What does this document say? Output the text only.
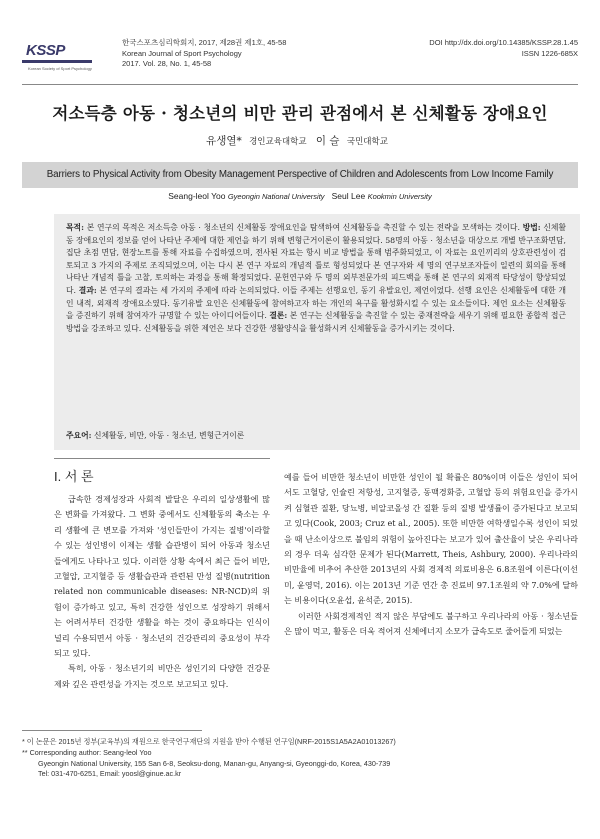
KSSP
Korean Society of Sport Psychology
한국스포츠심리학회지, 2017, 제28권 제1호, 45-58
Korean Journal of Sport Psychology
2017. Vol. 28, No. 1, 45-58
DOI http://dx.doi.org/10.14385/KSSP.28.1.45
ISSN 1226-685X
저소득층 아동 · 청소년의 비만 관리 관점에서 본 신체활동 장애요인
유생열* 경인교육대학교 이 슬 국민대학교
Barriers to Physical Activity from Obesity Management Perspective of Children and Adolescents from Low Income Family
Seang-leol Yoo Gyeongin National University Seul Lee Kookmin University
목적: 본 연구의 목적은 저소득층 아동 · 청소년의 신체활동 장애요인을 탐색하여 신체활동을 촉진할 수 있는 전략을 모색하는 것이다. 방법: 신체활동 장애요인의 정보를 얻어 나타난 주제에 대한 제언을 하기 위해 변형근거이론이 활용되었다. 58명의 아동 · 청소년을 대상으로 개별 반구조화면담, 집단 초점 면담, 현장노트를 통해 자료를 수집하였으며, 전사된 자료는 항시 비교 방법을 통해 범주화되었고, 이 자료는 요인끼리의 상호관련성이 검토되고 3 가지의 주제로 조직되었으며, 이는 다시 본 연구 자료의 개념적 틀로 형성되었다 본 연구자와 세 명의 연구보조자들이 일련의 회의를 통해 나타난 개념적 틀을 고찰, 토의하는 과정을 통해 확정되었다. 문헌연구와 두 명의 외부전문가의 피드백을 통해 본 연구의 외재적 타당성이 향상되었다. 결과: 본 연구의 결과는 세 가지의 주제에 따라 논의되었다. 이들 주제는 선행요인, 동기 유발요인, 제언이었다. 선행 요인은 신체활동에 대한 개인 내적, 외재적 장애요소였다. 동기유발 요인은 신체활동에 참여하고자 하는 개인의 욕구를 활성화시킬 수 있는 요소들이다. 제언 요소는 신체활동을 증진하기 위해 참여자가 규명할 수 있는 아이디어들이다. 결론: 본 연구는 신체활동을 촉진할 수 있는 중재전략을 세우기 위해 필요한 종합적 접근방법을 강조하고 있다. 신체활동을 위한 제언은 보다 건강한 생활양식을 활성화시켜 신체활동을 증가시키는 것이다.
주요어: 신체활동, 비만, 아동 · 청소년, 변형근거이론
I. 서 론

급속한 경제성장과 사회적 발달은 우리의 일상생활에 많은 변화를 가져왔다. 그 변화 중에서도 신체활동의 축소는 우리 생활에 큰 변모를 가져와 '성인들만이 가지는 질병'이라할 수 있는 성인병이 이제는 생활 습관병이 되어 아동과 청소년들에게도 나타나고 있다. 이러한 상황 속에서 최근 들어 비만, 고혈압, 고지혈증 등 생활습관과 관련된 만성 질병(nutrition related non communicable diseases: NR-NCD)의 위험이 증가하고 있고, 특히 건강한 성인으로 성장하기 위해서는 어려서부터 건강한 생활을 하는 것이 중요하다는 인식이 널리 수용되면서 아동 · 청소년의 건강관리의 중요성이 부각되고 있다.

특히, 아동 · 청소년기의 비만은 성인기의 다양한 건강문제와 깊은 관련성을 가지는 것으로 보고되고 있다.

예를 들어 비만한 청소년이 비만한 성인이 될 확률은 80%이며 이들은 성인이 되어서도 고혈당, 인슐린 저항성, 고지혈증, 동맥경화증, 고혈압 등의 위험요인을 증가시켜 심혈관 질환, 당뇨병, 비알코올성 간 질환 등의 질병 발생률이 증가된다고 보고되고 있다(Cook, 2003; Cruz et al., 2005). 또한 비만한 여학생일수록 성인이 되었을 때 난소이상으로 불임의 위험이 높아진다는 보고가 있어 출산율이 낮은 우리나라의 경우 더욱 심각한 문제가 된다(Marrett, Theis, Ashbury, 2000). 우리나라의 비만율에 비추어 추산한 2013년의 사회 경제적 의료비용은 6.8조원에 이른다(이선미, 윤영덕, 2016). 이는 2013년 기준 연간 총 진료비 97.1조원의 약 7.0%에 달하는 비용이다(오윤섭, 윤석준, 2015).

이러한 사회경제적인 적지 않은 부담에도 불구하고 우리나라의 아동 · 청소년들은 많이 먹고, 활동은 더욱 적어져 신체에너지 소모가 급속도로 줄어들게 되었는

* 이 논문은 2015년 정부(교육부)의 재원으로 한국연구재단의 지원을 받아 수행된 연구임(NRF-2015S1A5A2A01013267)
** Corresponding author: Seang-leol Yoo
Gyeongin National University, 155 San 6-8, Seoksu-dong, Manan-gu, Anyang-si, Gyeonggi-do, Korea, 430-739
Tel: 031-470-6251, Email: yoosl@ginue.ac.kr
